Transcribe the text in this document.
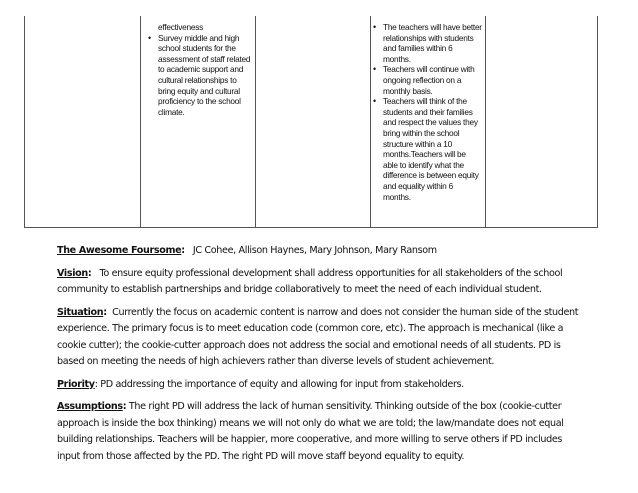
effectiveness
• Survey middle and high school students for the assessment of staff related to academic support and cultural relationships to bring equity and cultural proficiency to the school climate.
• The teachers will have better relationships with students and families within 6 months.
• Teachers will continue with ongoing reflection on a monthly basis.
• Teachers will think of the students and their families and respect the values they bring within the school structure within a 10 months.Teachers will be able to identify what the difference is between equity and equality within 6 months.

The Awesome Foursome: JC Cohee, Allison Haynes, Mary Johnson, Mary Ransom

Vision: To ensure equity professional development shall address opportunities for all stakeholders of the school community to establish partnerships and bridge collaboratively to meet the need of each individual student.

Situation: Currently the focus on academic content is narrow and does not consider the human side of the student experience. The primary focus is to meet education code (common core, etc). The approach is mechanical (like a cookie cutter); the cookie-cutter approach does not address the social and emotional needs of all students. PD is based on meeting the needs of high achievers rather than diverse levels of student achievement.

Priority: PD addressing the importance of equity and allowing for input from stakeholders.

Assumptions: The right PD will address the lack of human sensitivity. Thinking outside of the box (cookie-cutter approach is inside the box thinking) means we will not only do what we are told; the law/mandate does not equal building relationships. Teachers will be happier, more cooperative, and more willing to serve others if PD includes input from those affected by the PD. The right PD will move staff beyond equality to equity.
